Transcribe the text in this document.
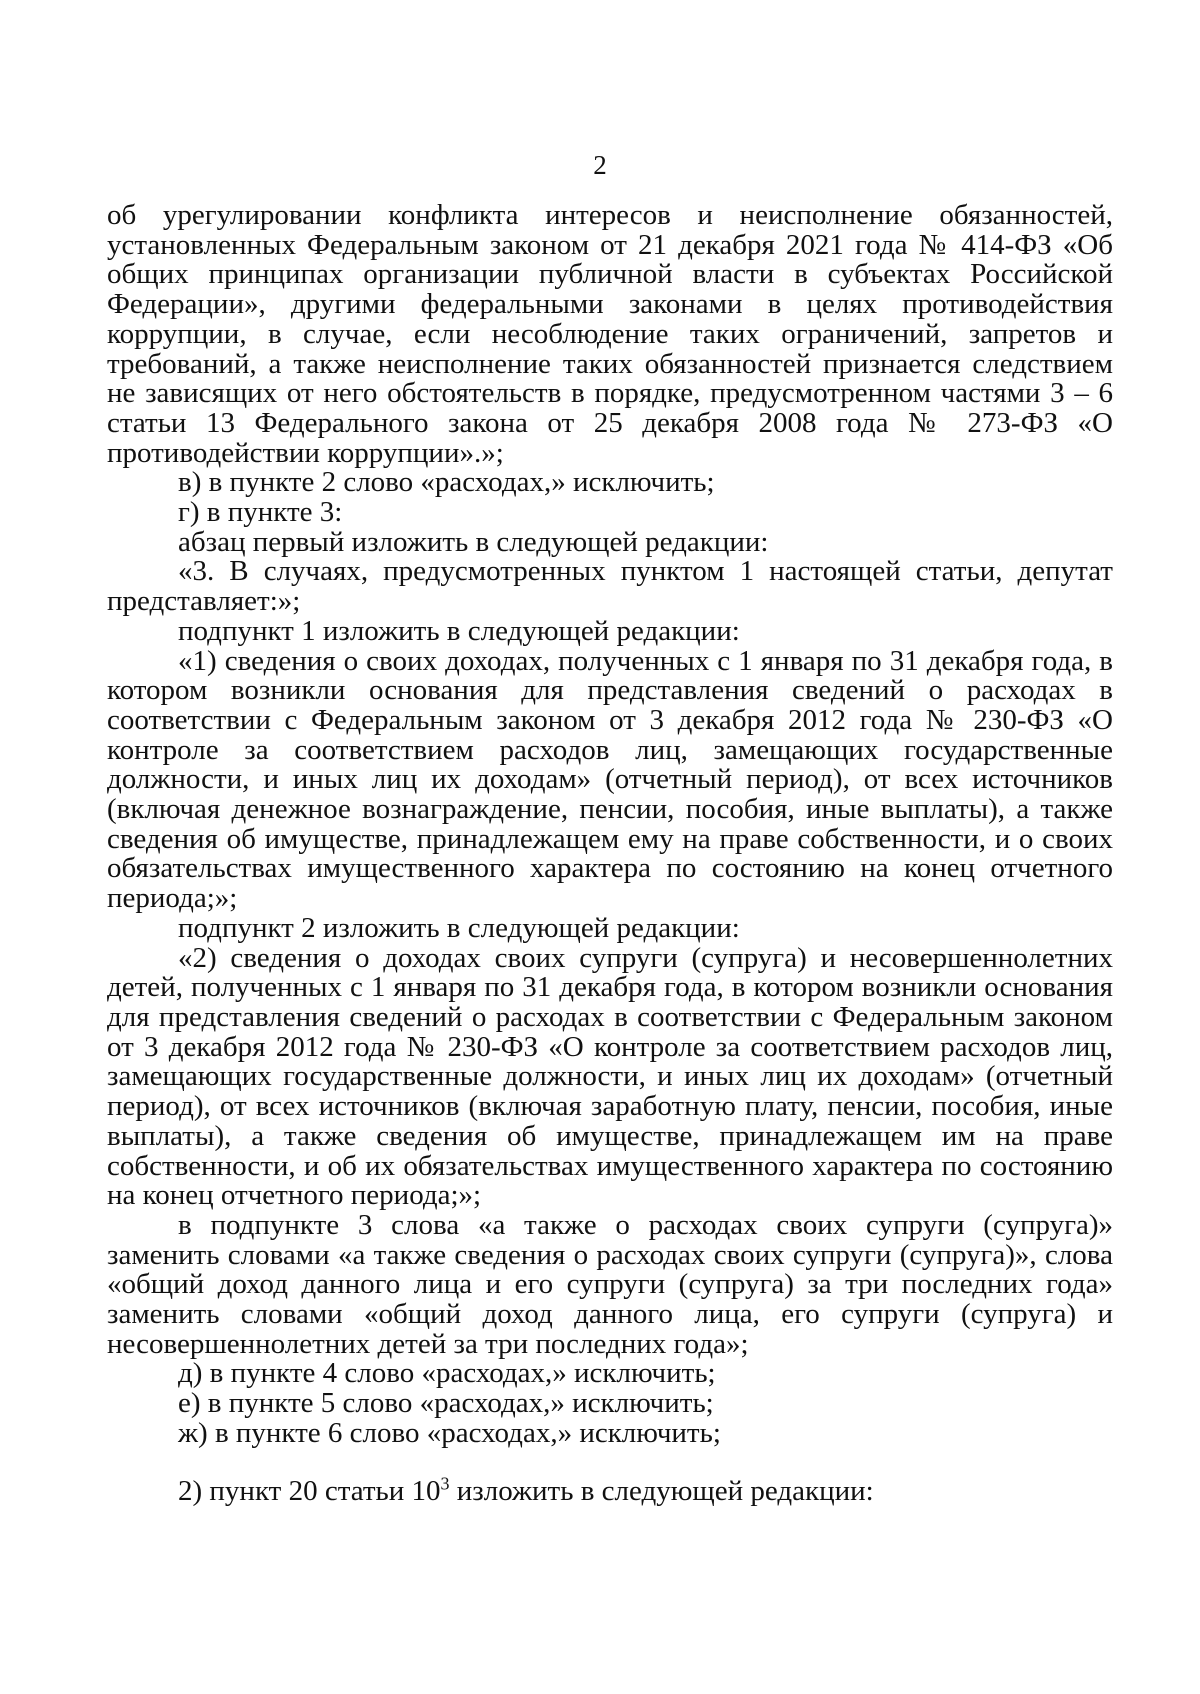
2

об урегулировании конфликта интересов и неисполнение обязанностей, установленных Федеральным законом от 21 декабря 2021 года № 414-ФЗ «Об общих принципах организации публичной власти в субъектах Российской Федерации», другими федеральными законами в целях противодействия коррупции, в случае, если несоблюдение таких ограничений, запретов и требований, а также неисполнение таких обязанностей признается следствием не зависящих от него обстоятельств в порядке, предусмотренном частями 3 – 6 статьи 13 Федерального закона от 25 декабря 2008 года № 273-ФЗ «О противодействии коррупции».»;

в) в пункте 2 слово «расходах,» исключить;

г) в пункте 3:

абзац первый изложить в следующей редакции:

«3. В случаях, предусмотренных пунктом 1 настоящей статьи, депутат представляет:»;

подпункт 1 изложить в следующей редакции:

«1) сведения о своих доходах, полученных с 1 января по 31 декабря года, в котором возникли основания для представления сведений о расходах в соответствии с Федеральным законом от 3 декабря 2012 года № 230-ФЗ «О контроле за соответствием расходов лиц, замещающих государственные должности, и иных лиц их доходам» (отчетный период), от всех источников (включая денежное вознаграждение, пенсии, пособия, иные выплаты), а также сведения об имуществе, принадлежащем ему на праве собственности, и о своих обязательствах имущественного характера по состоянию на конец отчетного периода;»;

подпункт 2 изложить в следующей редакции:

«2) сведения о доходах своих супруги (супруга) и несовершеннолетних детей, полученных с 1 января по 31 декабря года, в котором возникли основания для представления сведений о расходах в соответствии с Федеральным законом от 3 декабря 2012 года № 230-ФЗ «О контроле за соответствием расходов лиц, замещающих государственные должности, и иных лиц их доходам» (отчетный период), от всех источников (включая заработную плату, пенсии, пособия, иные выплаты), а также сведения об имуществе, принадлежащем им на праве собственности, и об их обязательствах имущественного характера по состоянию на конец отчетного периода;»;

в подпункте 3 слова «а также о расходах своих супруги (супруга)» заменить словами «а также сведения о расходах своих супруги (супруга)», слова «общий доход данного лица и его супруги (супруга) за три последних года» заменить словами «общий доход данного лица, его супруги (супруга) и несовершеннолетних детей за три последних года»;

д) в пункте 4 слово «расходах,» исключить;

е) в пункте 5 слово «расходах,» исключить;

ж) в пункте 6 слово «расходах,» исключить;

2) пункт 20 статьи $10^3$ изложить в следующей редакции:
